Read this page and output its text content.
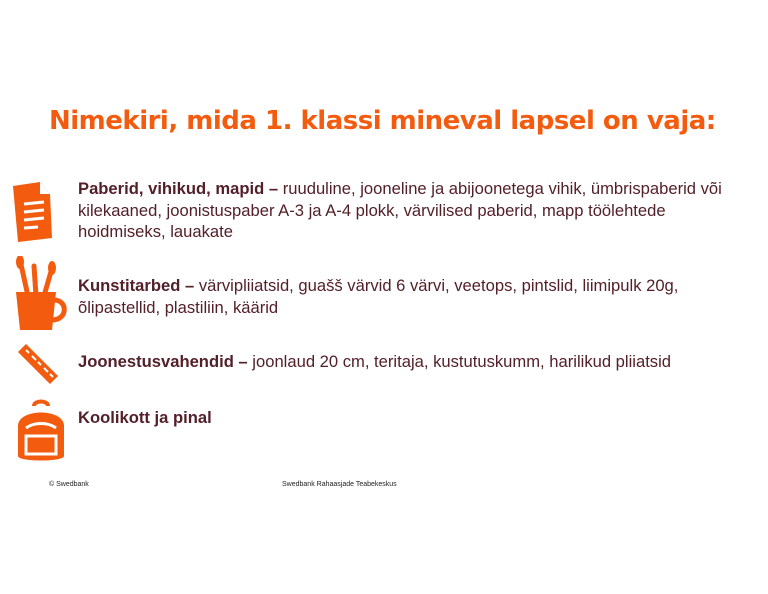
Nimekiri, mida 1. klassi mineval lapsel on vaja:
Paberid, vihikud, mapid – ruuduline, jooneline ja abijoonetega vihik, ümbrispaberid või kilekaaned, joonistuspaber A-3 ja A-4 plokk, värvilised paberid, mapp töölehtede hoidmiseks, lauakate
Kunstitarbed – värvipliiatsid, guašš värvid 6 värvi, veetops, pintslid, liimipulk 20g, õlipastellid, plastiliin, käärid
Joonestusvahendid – joonlaud 20 cm, teritaja, kustutuskumm, harilikud pliiatsid
Koolikott ja pinal
© Swedbank	Swedbank Rahaasjade Teabekeskus
